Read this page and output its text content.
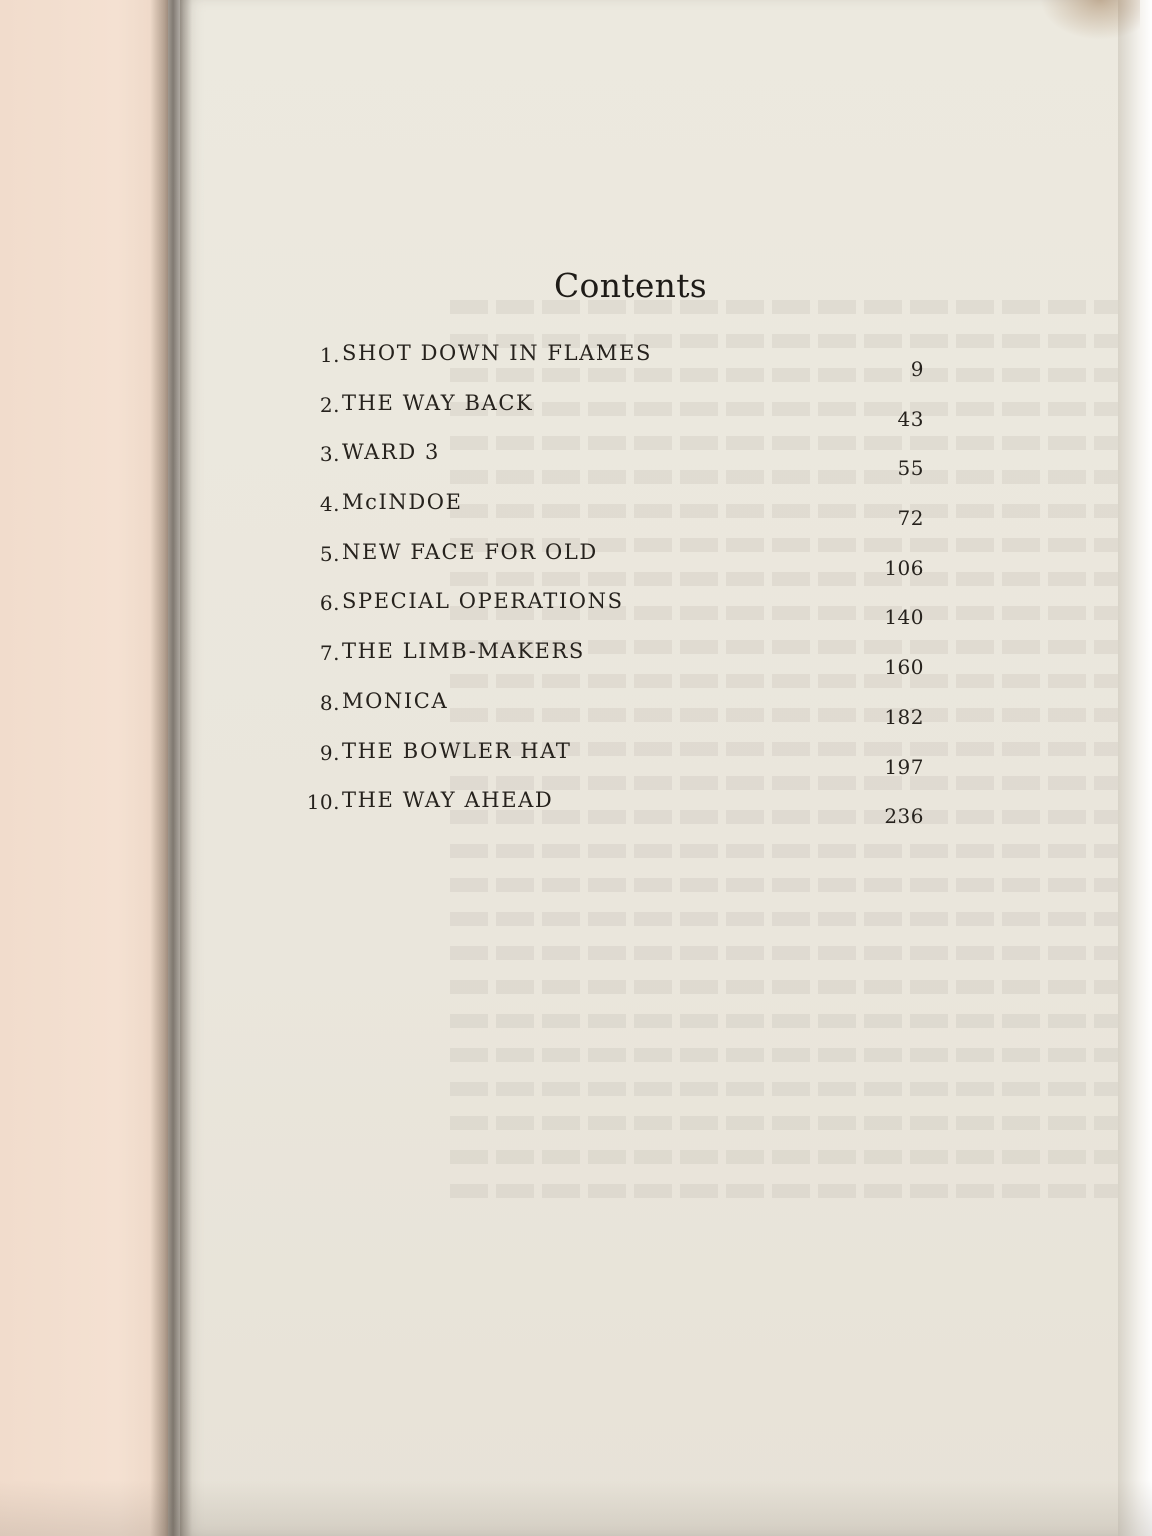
Contents
1. SHOT DOWN IN FLAMES
9
2. THE WAY BACK
43
3. WARD 3
55
4. McINDOE
72
5. NEW FACE FOR OLD
106
6. SPECIAL OPERATIONS
140
7. THE LIMB-MAKERS
160
8. MONICA
182
9. THE BOWLER HAT
197
10. THE WAY AHEAD
236
